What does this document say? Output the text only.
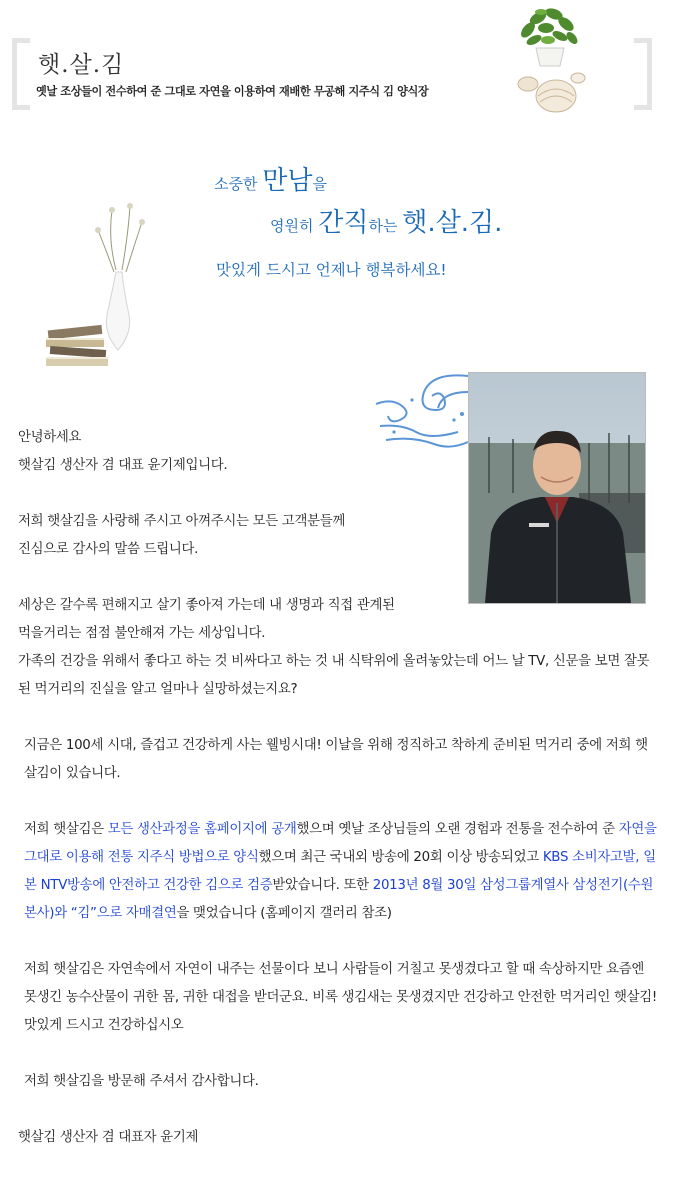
햇.살.김
옛날 조상들이 전수하여 준 그대로 자연을 이용하여 재배한 무공해 지주식 김 양식장
소중한 만남을
영원히 간직하는 햇.살.김.
맛있게 드시고 언제나 행복하세요!

안녕하세요

햇살김 생산자 겸 대표 윤기제입니다.

저희 햇살김을 사랑해 주시고 아껴주시는 모든 고객분들께

진심으로 감사의 말씀 드립니다.

세상은 갈수록 편해지고 살기 좋아져 가는데 내 생명과 직접 관계된

먹을거리는 점점 불안해져 가는 세상입니다.

가족의 건강을 위해서 좋다고 하는 것 비싸다고 하는 것 내 식탁위에 올려놓았는데 어느 날 TV, 신문을 보면 잘못된 먹거리의 진실을 알고 얼마나 실망하셨는지요?

지금은 100세 시대, 즐겁고 건강하게 사는 웰빙시대! 이날을 위해 정직하고 착하게 준비된 먹거리 중에 저희 햇살김이 있습니다.

저희 햇살김은 모든 생산과정을 홈페이지에 공개했으며 옛날 조상님들의 오랜 경험과 전통을 전수하여 준 자연을 그대로 이용해 전통 지주식 방법으로 양식했으며 최근 국내외 방송에 20회 이상 방송되었고 KBS 소비자고발, 일본 NTV방송에 안전하고 건강한 김으로 검증받았습니다. 또한 2013년 8월 30일 삼성그룹계열사 삼성전기(수원본사)와 “김”으로 자매결연을 맺었습니다 (홈페이지 갤러리 참조)

저희 햇살김은 자연속에서 자연이 내주는 선물이다 보니 사람들이 거칠고 못생겼다고 할 때 속상하지만 요즘엔 못생긴 농수산물이 귀한 몸, 귀한 대접을 받더군요. 비록 생김새는 못생겼지만 건강하고 안전한 먹거리인 햇살김! 맛있게 드시고 건강하십시오

저희 햇살김을 방문해 주셔서 감사합니다.

햇살김 생산자 겸 대표자 윤기제
